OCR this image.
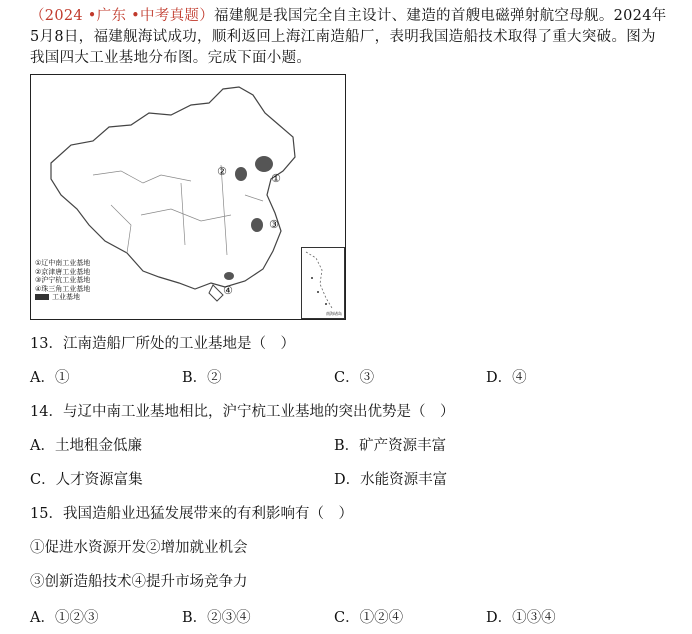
（2024 •广东 •中考真题）福建舰是我国完全自主设计、建造的首艘电磁弹射航空母舰。2024年5月8日，福建舰海试成功，顺利返回上海江南造船厂，表明我国造船技术取得了重大突破。图为我国四大工业基地分布图。完成下面小题。
①
②
③
④
①辽中南工业基地
②京津唐工业基地
③沪宁杭工业基地
④珠三角工业基地
工业基地
南海诸岛
13．江南造船厂所处的工业基地是（　）
A．①	B．②	C．③	D．④
14．与辽中南工业基地相比，沪宁杭工业基地的突出优势是（　）
A．土地租金低廉	B．矿产资源丰富
C．人才资源富集	D．水能资源丰富
15．我国造船业迅猛发展带来的有利影响有（　）
①促进水资源开发②增加就业机会
③创新造船技术④提升市场竞争力
A．①②③	B．②③④	C．①②④	D．①③④
